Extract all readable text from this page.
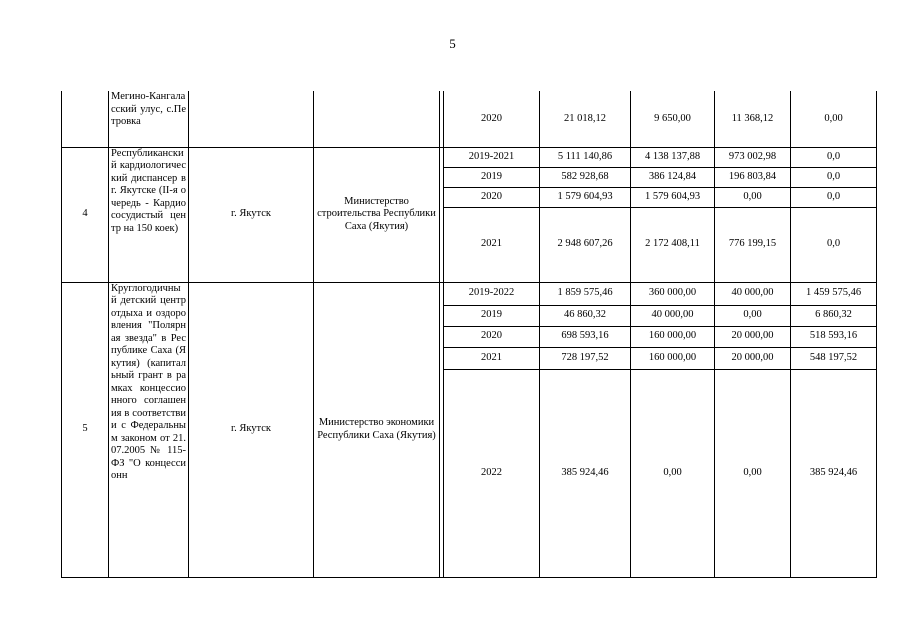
5
	Мегино-Кангаласский улус, с.Петровка				2020	21 018,12	9 650,00	11 368,12	0,00
4	Республиканский кардиологический диспансер в г. Якутске (II-я очередь - Кардиососудистый центр на 150 коек)	г. Якутск	Министерство строительства Республики Саха (Якутия)		2019-2021	5 111 140,86	4 138 137,88	973 002,98	0,0
					2019	582 928,68	386 124,84	196 803,84	0,0
					2020	1 579 604,93	1 579 604,93	0,00	0,0
					2021	2 948 607,26	2 172 408,11	776 199,15	0,0
5	Круглогодичный детский центр отдыха и оздоровления "Полярная звезда" в Республике Саха (Якутия) (капитальный грант в рамках концессионного соглашения в соответствии с Федеральным законом от 21.07.2005 № 115-ФЗ "О концессионн	г. Якутск	Министерство экономики Республики Саха (Якутия)		2019-2022	1 859 575,46	360 000,00	40 000,00	1 459 575,46
					2019	46 860,32	40 000,00	0,00	6 860,32
					2020	698 593,16	160 000,00	20 000,00	518 593,16
					2021	728 197,52	160 000,00	20 000,00	548 197,52
					2022	385 924,46	0,00	0,00	385 924,46
